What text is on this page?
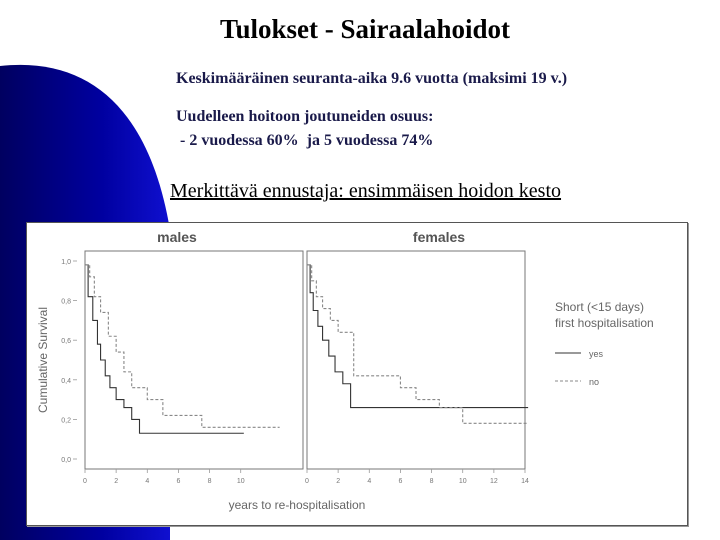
Tulokset - Sairaalahoidot
Keskimääräinen seuranta-aika 9.6 vuotta (maksimi 19 v.)
Uudelleen hoitoon joutuneiden osuus:
- 2 vuodessa 60%  ja 5 vuodessa 74%
Merkittävä ennustaja: ensimmäisen hoidon kesto
Cumulative Survival
0,0
0,2
0,4
0,6
0,8
1,0
males
0	2	4	6	8	10
females
0	2	4	6	8	10	12	14
years to re-hospitalisation
Short (<15 days)
first hospitalisation
yes
no
